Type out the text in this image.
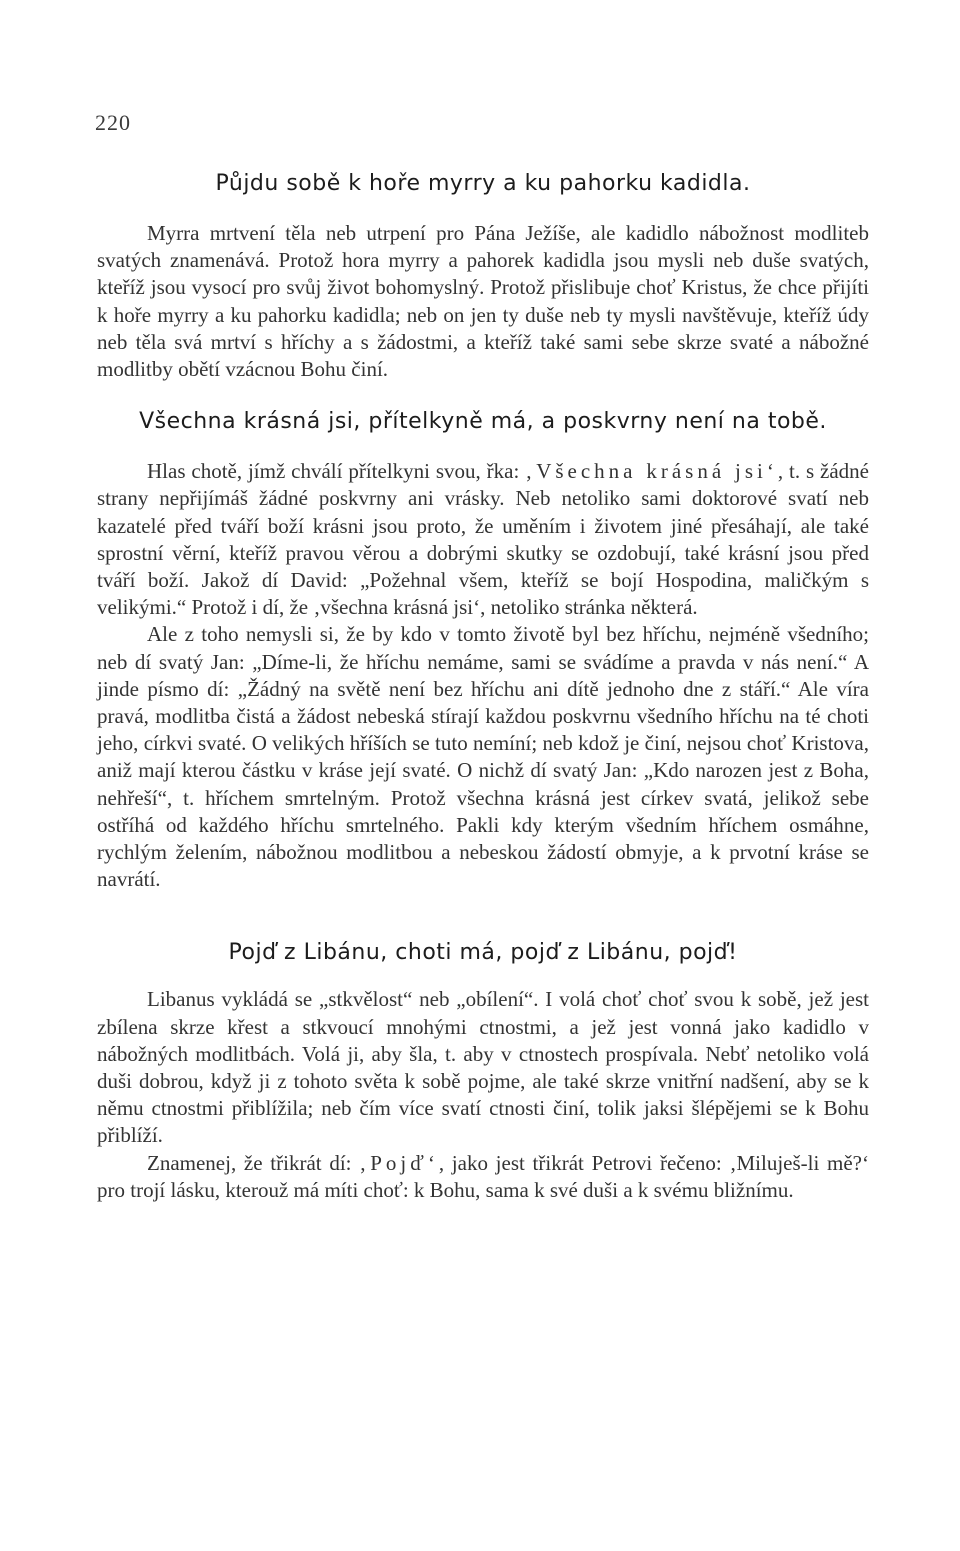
220
Půjdu sobě k hoře myrry a ku pahorku kadidla.

Myrra mrtvení těla neb utrpení pro Pána Ježíše, ale kadidlo nábožnost modliteb svatých znamenává. Protož hora myrry a pahorek kadidla jsou mysli neb duše svatých, kteříž jsou vysocí pro svůj život bohomyslný. Protož přislibuje choť Kristus, že chce přijíti k hoře myrry a ku pahorku kadidla; neb on jen ty duše neb ty mysli navštěvuje, kteříž údy neb těla svá mrtví s hříchy a s žádostmi, a kteříž také sami sebe skrze svaté a nábožné modlitby obětí vzácnou Bohu činí.

Všechna krásná jsi, přítelkyně má, a poskvrny není na tobě.

Hlas chotě, jímž chválí přítelkyni svou, řka: ‚Všechna krásná jsi‘, t. s žádné strany nepřijímáš žádné poskvrny ani vrásky. Neb netoliko sami doktorové svatí neb kazatelé před tváří boží krásni jsou proto, že uměním i životem jiné přesáhají, ale také sprostní věrní, kteříž pravou věrou a dobrými skutky se ozdobují, také krásní jsou před tváří boží. Jakož dí David: „Požehnal všem, kteříž se bojí Hospodina, maličkým s velikými.“ Protož i dí, že ‚všechna krásná jsi‘, netoliko stránka některá.

Ale z toho nemysli si, že by kdo v tomto životě byl bez hříchu, nejméně všedního; neb dí svatý Jan: „Díme-li, že hříchu nemáme, sami se svádíme a pravda v nás není.“ A jinde písmo dí: „Žádný na světě není bez hříchu ani dítě jednoho dne z stáří.“ Ale víra pravá, modlitba čistá a žádost nebeská stírají každou poskvrnu všedního hříchu na té choti jeho, církvi svaté. O velikých hříších se tuto nemíní; neb kdož je činí, nejsou choť Kristova, aniž mají kterou částku v kráse její svaté. O nichž dí svatý Jan: „Kdo narozen jest z Boha, nehřeší“, t. hříchem smrtelným. Protož všechna krásná jest církev svatá, jelikož sebe ostříhá od každého hříchu smrtelného. Pakli kdy kterým všedním hříchem osmáhne, rychlým želením, nábožnou modlitbou a nebeskou žádostí obmyje, a k prvotní kráse se navrátí.

Pojď z Libánu, choti má, pojď z Libánu, pojď!

Libanus vykládá se „stkvělost“ neb „obílení“. I volá choť choť svou k sobě, jež jest zbílena skrze křest a stkvoucí mnohými ctnostmi, a jež jest vonná jako kadidlo v nábožných modlitbách. Volá ji, aby šla, t. aby v ctnostech prospívala. Nebť netoliko volá duši dobrou, když ji z tohoto světa k sobě pojme, ale také skrze vnitřní nadšení, aby se k němu ctnostmi přiblížila; neb čím více svatí ctnosti činí, tolik jaksi šlépějemi se k Bohu přiblíží.

Znamenej, že třikrát dí: ‚Pojď‘, jako jest třikrát Petrovi řečeno: ‚Miluješ-li mě?‘ pro trojí lásku, kterouž má míti choť: k Bohu, sama k své duši a k svému bližnímu.
